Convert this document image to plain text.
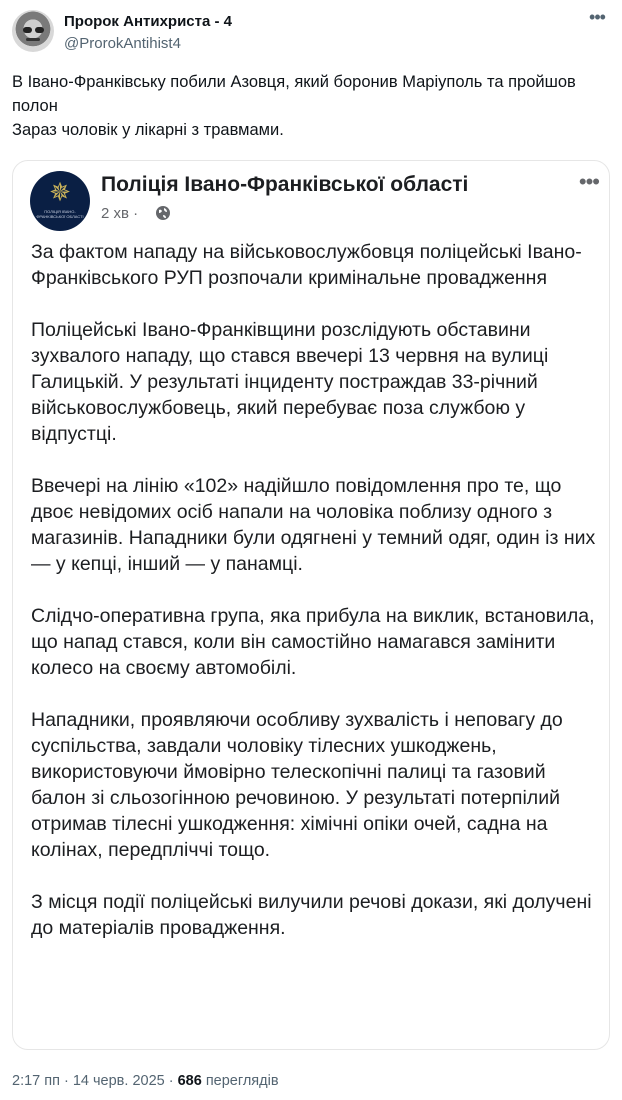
Пророк Антихриста - 4
@ProrokAntihist4
•••

В Івано-Франківську побили Азовця, який боронив Маріуполь та пройшов полон

Зараз чоловік у лікарні з травмами.

✵
ПОЛІЦІЯ ІВАНО-ФРАНКІВСЬКОЇ ОБЛАСТІ
Поліція Івано-Франківської області
2 хв ·
•••

За фактом нападу на військовослужбовця поліцейські Івано-Франківського РУП розпочали кримінальне провадження

Поліцейські Івано-Франківщини розслідують обставини зухвалого нападу, що стався ввечері 13 червня на вулиці Галицькій. У результаті інциденту постраждав 33-річний військовослужбовець, який перебуває поза службою у відпустці.

Ввечері на лінію «102» надійшло повідомлення про те, що двоє невідомих осіб напали на чоловіка поблизу одного з магазинів. Нападники були одягнені у темний одяг, один із них — у кепці, інший — у панамці.

Слідчо-оперативна група, яка прибула на виклик, встановила, що напад стався, коли він самостійно намагався замінити колесо на своєму автомобілі.

Нападники, проявляючи особливу зухвалість і неповагу до суспільства, завдали чоловіку тілесних ушкоджень, використовуючи ймовірно телескопічні палиці та газовий балон зі сльозогінною речовиною. У результаті потерпілий отримав тілесні ушкодження: хімічні опіки очей, садна на колінах, передпліччі тощо.

З місця події поліцейські вилучили речові докази, які долучені до матеріалів провадження.

2:17 пп · 14 черв. 2025 · 686 переглядів
